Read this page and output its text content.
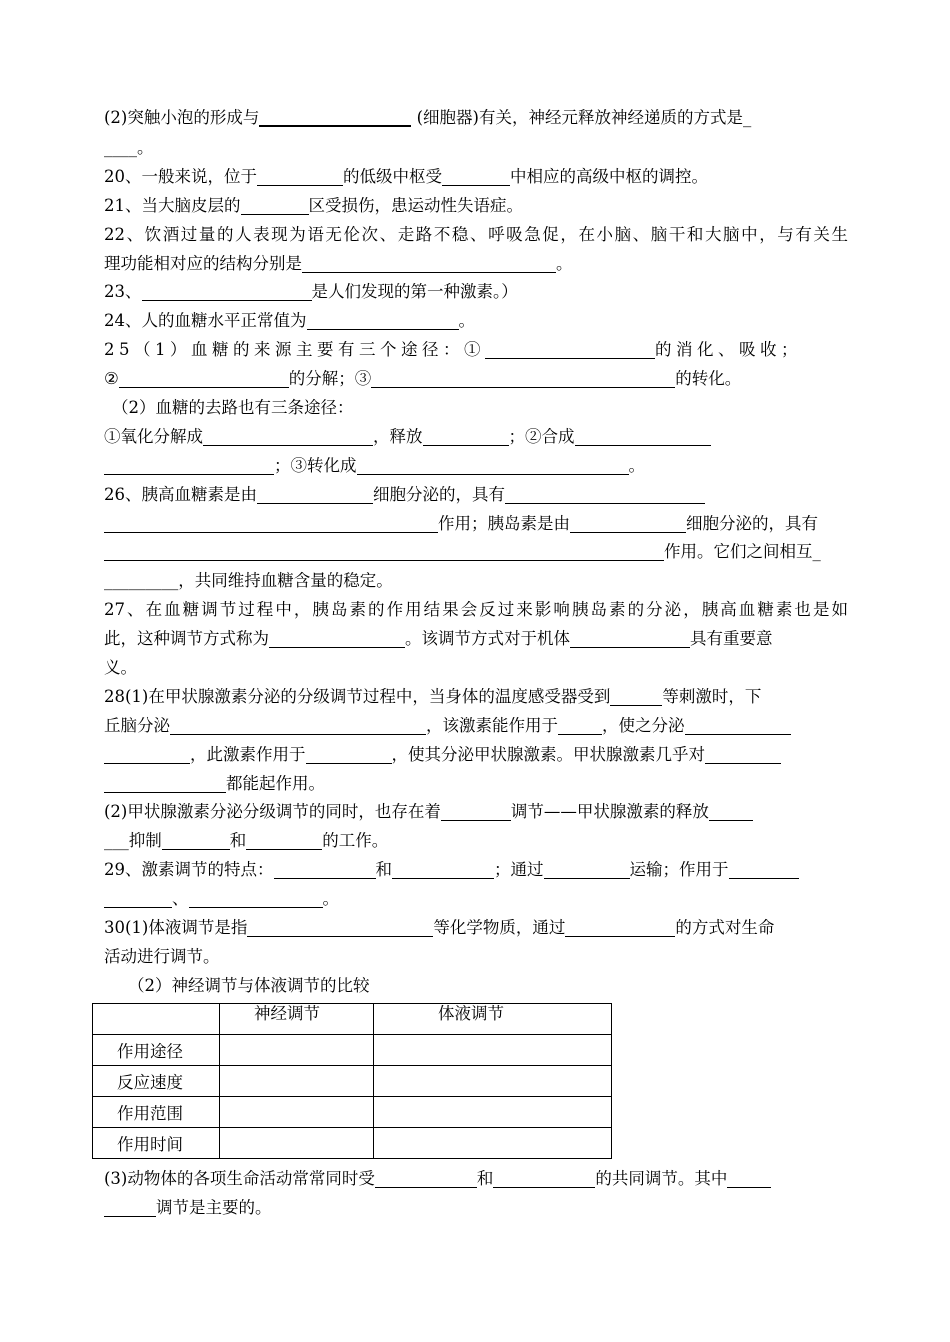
(2)突触小泡的形成与	(细胞器)有关，神经元释放神经递质的方式是_
____。
20、一般来说，位于	的低级中枢受	中相应的高级中枢的调控。
21、当大脑皮层的	区受损伤，患运动性失语症。
22、饮酒过量的人表现为语无伦次、走路不稳、呼吸急促，在小脑、脑干和大脑中，与有关生
理功能相对应的结构分别是	。
23、	是人们发现的第一种激素。）
24、人的血糖水平正常值为	。
25（1）血糖的来源主要有三个途径：①	的消化、吸收；
②	的分解；③	的转化。
（2）血糖的去路也有三条途径：
①氧化分解成	，释放	；②合成
；③转化成	。
26、胰高血糖素是由	细胞分泌的，具有
作用；胰岛素是由	细胞分泌的，具有
作用。它们之间相互_
_________，共同维持血糖含量的稳定。
27、在血糖调节过程中，胰岛素的作用结果会反过来影响胰岛素的分泌，胰高血糖素也是如
此，这种调节方式称为	。该调节方式对于机体	具有重要意
义。
28(1)在甲状腺激素分泌的分级调节过程中，当身体的温度感受器受到	等刺激时，下
丘脑分泌	，该激素能作用于	，使之分泌
，此激素作用于	，使其分泌甲状腺激素。甲状腺激素几乎对
都能起作用。
(2)甲状腺激素分泌分级调节的同时，也存在着	调节——甲状腺激素的释放
___抑制	和	的工作。
29、激素调节的特点：	和	；通过	运输；作用于
、	。
30(1)体液调节是指	等化学物质，通过	的方式对生命
活动进行调节。
（2）神经调节与体液调节的比较
	神经调节	体液调节
作用途径		
反应速度		
作用范围		
作用时间		
(3)动物体的各项生命活动常常同时受	和	的共同调节。其中
调节是主要的。
